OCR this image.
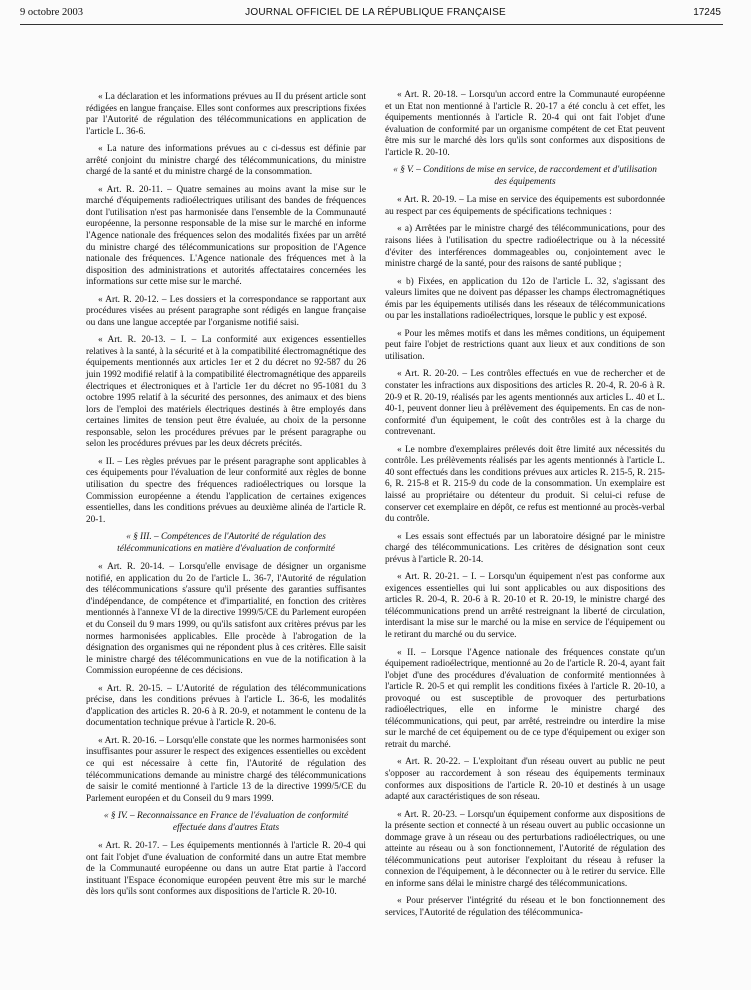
9 octobre 2003	JOURNAL OFFICIEL DE LA RÉPUBLIQUE FRANÇAISE	17245

« La déclaration et les informations prévues au II du présent article sont rédigées en langue française. Elles sont conformes aux prescriptions fixées par l'Autorité de régulation des télécommunications en application de l'article L. 36-6.

« La nature des informations prévues au c ci-dessus est définie par arrêté conjoint du ministre chargé des télécommunications, du ministre chargé de la santé et du ministre chargé de la consommation.

« Art. R. 20-11. – Quatre semaines au moins avant la mise sur le marché d'équipements radioélectriques utilisant des bandes de fréquences dont l'utilisation n'est pas harmonisée dans l'ensemble de la Communauté européenne, la personne responsable de la mise sur le marché en informe l'Agence nationale des fréquences selon des modalités fixées par un arrêté du ministre chargé des télécommunications sur proposition de l'Agence nationale des fréquences. L'Agence nationale des fréquences met à la disposition des administrations et autorités affectataires concernées les informations sur cette mise sur le marché.

« Art. R. 20-12. – Les dossiers et la correspondance se rapportant aux procédures visées au présent paragraphe sont rédigés en langue française ou dans une langue acceptée par l'organisme notifié saisi.

« Art. R. 20-13. – I. – La conformité aux exigences essentielles relatives à la santé, à la sécurité et à la compatibilité électromagnétique des équipements mentionnés aux articles 1er et 2 du décret no 92-587 du 26 juin 1992 modifié relatif à la compatibilité électromagnétique des appareils électriques et électroniques et à l'article 1er du décret no 95-1081 du 3 octobre 1995 relatif à la sécurité des personnes, des animaux et des biens lors de l'emploi des matériels électriques destinés à être employés dans certaines limites de tension peut être évaluée, au choix de la personne responsable, selon les procédures prévues par le présent paragraphe ou selon les procédures prévues par les deux décrets précités.

« II. – Les règles prévues par le présent paragraphe sont applicables à ces équipements pour l'évaluation de leur conformité aux règles de bonne utilisation du spectre des fréquences radioélectriques ou lorsque la Commission européenne a étendu l'application de certaines exigences essentielles, dans les conditions prévues au deuxième alinéa de l'article R. 20-1.

« § III. – Compétences de l'Autorité de régulation des télécommunications en matière d'évaluation de conformité

« Art. R. 20-14. – Lorsqu'elle envisage de désigner un organisme notifié, en application du 2o de l'article L. 36-7, l'Autorité de régulation des télécommunications s'assure qu'il présente des garanties suffisantes d'indépendance, de compétence et d'impartialité, en fonction des critères mentionnés à l'annexe VI de la directive 1999/5/CE du Parlement européen et du Conseil du 9 mars 1999, ou qu'ils satisfont aux critères prévus par les normes harmonisées applicables. Elle procède à l'abrogation de la désignation des organismes qui ne répondent plus à ces critères. Elle saisit le ministre chargé des télécommunications en vue de la notification à la Commission européenne de ces décisions.

« Art. R. 20-15. – L'Autorité de régulation des télécommunications précise, dans les conditions prévues à l'article L. 36-6, les modalités d'application des articles R. 20-6 à R. 20-9, et notamment le contenu de la documentation technique prévue à l'article R. 20-6.

« Art. R. 20-16. – Lorsqu'elle constate que les normes harmonisées sont insuffisantes pour assurer le respect des exigences essentielles ou excèdent ce qui est nécessaire à cette fin, l'Autorité de régulation des télécommunications demande au ministre chargé des télécommunications de saisir le comité mentionné à l'article 13 de la directive 1999/5/CE du Parlement européen et du Conseil du 9 mars 1999.

« § IV. – Reconnaissance en France de l'évaluation de conformité effectuée dans d'autres Etats

« Art. R. 20-17. – Les équipements mentionnés à l'article R. 20-4 qui ont fait l'objet d'une évaluation de conformité dans un autre Etat membre de la Communauté européenne ou dans un autre Etat partie à l'accord instituant l'Espace économique européen peuvent être mis sur le marché dès lors qu'ils sont conformes aux dispositions de l'article R. 20-10.

« Art. R. 20-18. – Lorsqu'un accord entre la Communauté européenne et un Etat non mentionné à l'article R. 20-17 a été conclu à cet effet, les équipements mentionnés à l'article R. 20-4 qui ont fait l'objet d'une évaluation de conformité par un organisme compétent de cet Etat peuvent être mis sur le marché dès lors qu'ils sont conformes aux dispositions de l'article R. 20-10.

« § V. – Conditions de mise en service, de raccordement et d'utilisation des équipements

« Art. R. 20-19. – La mise en service des équipements est subordonnée au respect par ces équipements de spécifications techniques :

« a) Arrêtées par le ministre chargé des télécommunications, pour des raisons liées à l'utilisation du spectre radioélectrique ou à la nécessité d'éviter des interférences dommageables ou, conjointement avec le ministre chargé de la santé, pour des raisons de santé publique ;

« b) Fixées, en application du 12o de l'article L. 32, s'agissant des valeurs limites que ne doivent pas dépasser les champs électromagnétiques émis par les équipements utilisés dans les réseaux de télécommunications ou par les installations radioélectriques, lorsque le public y est exposé.

« Pour les mêmes motifs et dans les mêmes conditions, un équipement peut faire l'objet de restrictions quant aux lieux et aux conditions de son utilisation.

« Art. R. 20-20. – Les contrôles effectués en vue de rechercher et de constater les infractions aux dispositions des articles R. 20-4, R. 20-6 à R. 20-9 et R. 20-19, réalisés par les agents mentionnés aux articles L. 40 et L. 40-1, peuvent donner lieu à prélèvement des équipements. En cas de non-conformité d'un équipement, le coût des contrôles est à la charge du contrevenant.

« Le nombre d'exemplaires prélevés doit être limité aux nécessités du contrôle. Les prélèvements réalisés par les agents mentionnés à l'article L. 40 sont effectués dans les conditions prévues aux articles R. 215-5, R. 215-6, R. 215-8 et R. 215-9 du code de la consommation. Un exemplaire est laissé au propriétaire ou détenteur du produit. Si celui-ci refuse de conserver cet exemplaire en dépôt, ce refus est mentionné au procès-verbal du contrôle.

« Les essais sont effectués par un laboratoire désigné par le ministre chargé des télécommunications. Les critères de désignation sont ceux prévus à l'article R. 20-14.

« Art. R. 20-21. – I. – Lorsqu'un équipement n'est pas conforme aux exigences essentielles qui lui sont applicables ou aux dispositions des articles R. 20-4, R. 20-6 à R. 20-10 et R. 20-19, le ministre chargé des télécommunications prend un arrêté restreignant la liberté de circulation, interdisant la mise sur le marché ou la mise en service de l'équipement ou le retirant du marché ou du service.

« II. – Lorsque l'Agence nationale des fréquences constate qu'un équipement radioélectrique, mentionné au 2o de l'article R. 20-4, ayant fait l'objet d'une des procédures d'évaluation de conformité mentionnées à l'article R. 20-5 et qui remplit les conditions fixées à l'article R. 20-10, a provoqué ou est susceptible de provoquer des perturbations radioélectriques, elle en informe le ministre chargé des télécommunications, qui peut, par arrêté, restreindre ou interdire la mise sur le marché de cet équipement ou de ce type d'équipement ou exiger son retrait du marché.

« Art. R. 20-22. – L'exploitant d'un réseau ouvert au public ne peut s'opposer au raccordement à son réseau des équipements terminaux conformes aux dispositions de l'article R. 20-10 et destinés à un usage adapté aux caractéristiques de son réseau.

« Art. R. 20-23. – Lorsqu'un équipement conforme aux dispositions de la présente section et connecté à un réseau ouvert au public occasionne un dommage grave à un réseau ou des perturbations radioélectriques, ou une atteinte au réseau ou à son fonctionnement, l'Autorité de régulation des télécommunications peut autoriser l'exploitant du réseau à refuser la connexion de l'équipement, à le déconnecter ou à le retirer du service. Elle en informe sans délai le ministre chargé des télécommunications.

« Pour préserver l'intégrité du réseau et le bon fonctionnement des services, l'Autorité de régulation des télécommunica-
